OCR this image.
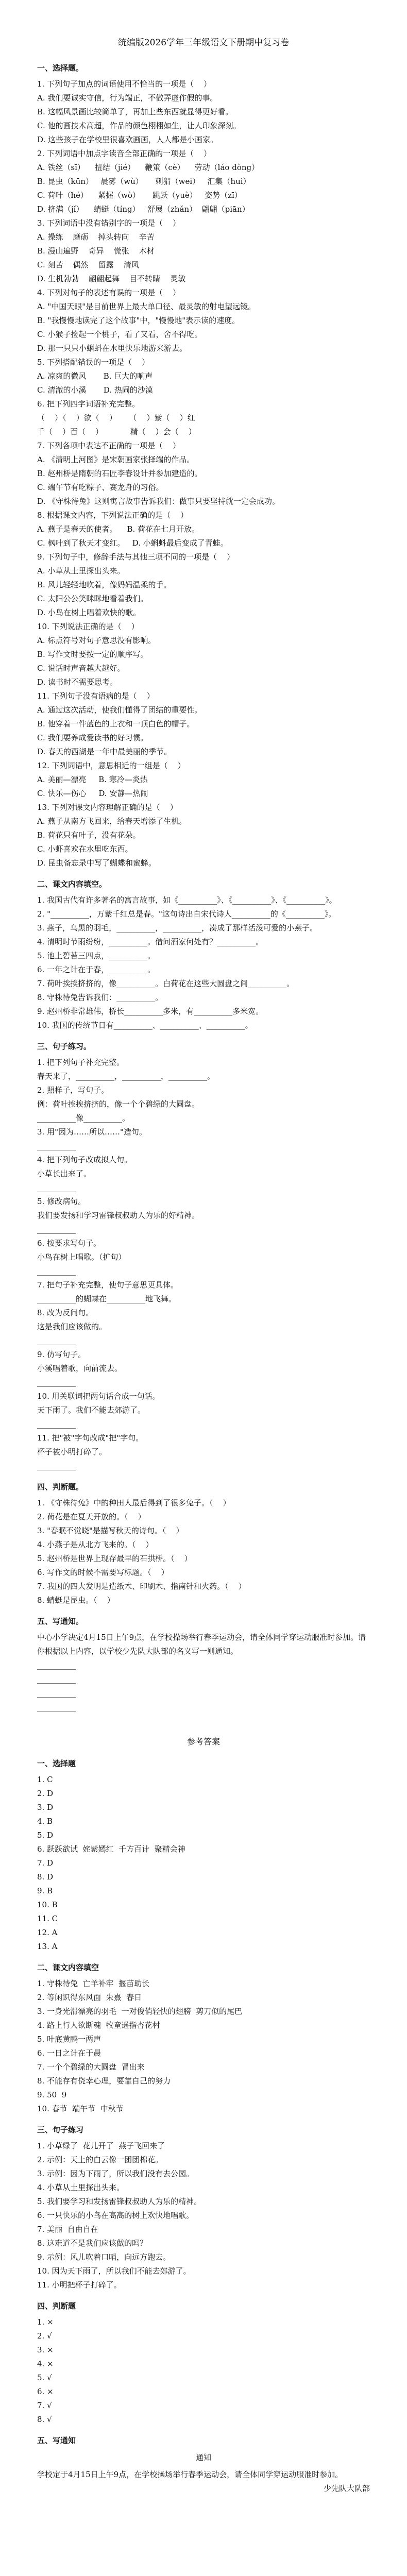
统编版2026学年三年级语文下册期中复习卷
一、选择题。
1. 下列句子加点的词语使用不恰当的一项是（    ）
A. 我们要诚实守信，行为端正，不做弄虚作假的事。
B. 这幅风景画比较简单了，再加上些东西就显得更好看。
C. 他的画技术高超，作品的颜色栩栩如生，让人印象深刻。
D. 这些孩子在学校里很喜欢画画，人人都是小画家。
2. 下列词语中加点字读音全部正确的一项是（    ）
A. 铁丝（sī）    扭结（jié）    鞭策（cè）    劳动（láo dòng）
B. 昆虫（kūn）   晨雾（wù）     刺猬（wei）   汇集（huì）
C. 荷叶（hé）    紧握（wò）     跳跃（yuè）   姿势（zī）
D. 挤满（jǐ）    蜻蜓（tíng）   舒展（zhǎn）  翩翩（piān）
3. 下列词语中没有错别字的一项是（    ）
A. 操练    磨砺    掉头转向    辛苦
B. 漫山遍野    奇异    慌张    木材
C. 刻苦    偶然    留露    清风
D. 生机勃勃    翩翩起舞    目不转睛    灵敏
4. 下列对句子的表述有误的一项是（    ）
A. "中国天眼"是目前世界上最大单口径、最灵敏的射电望远镜。
B. "我慢慢地读完了这个故事"中，"慢慢地"表示读的速度。
C. 小猴子捡起一个桃子，看了又看，舍不得吃。
D. 那一只只小蝌蚪在水里快乐地游来游去。
5. 下列搭配错误的一项是（    ）
A. 凉爽的微风       B. 巨大的响声
C. 清澈的小溪       D. 热闹的沙漠
6. 把下列四字词语补充完整。
（    ）（    ）欲（    ）     （    ）紫（    ）红
千（    ）百（    ）           精（    ）会（    ）
7. 下列各项中表达不正确的一项是（    ）
A. 《清明上河图》是宋朝画家张择端的作品。
B. 赵州桥是隋朝的石匠李春设计并参加建造的。
C. 端午节有吃粽子、赛龙舟的习俗。
D. 《守株待兔》这则寓言故事告诉我们：做事只要坚持就一定会成功。
8. 根据课文内容，下列说法正确的是（    ）
A. 燕子是春天的使者。    B. 荷花在七月开放。
C. 枫叶到了秋天才变红。   D. 小蝌蚪最后变成了青蛙。
9. 下列句子中，修辞手法与其他三项不同的一项是（    ）
A. 小草从土里探出头来。
B. 风儿轻轻地吹着，像妈妈温柔的手。
C. 太阳公公笑眯眯地看着我们。
D. 小鸟在树上唱着欢快的歌。
10. 下列说法正确的是（    ）
A. 标点符号对句子意思没有影响。
B. 写作文时要按一定的顺序写。
C. 说话时声音越大越好。
D. 读书时不需要思考。
11. 下列句子没有语病的是（    ）
A. 通过这次活动，使我们懂得了团结的重要性。
B. 他穿着一件蓝色的上衣和一顶白色的帽子。
C. 我们要养成爱读书的好习惯。
D. 春天的西湖是一年中最美丽的季节。
12. 下列词语中，意思相近的一组是（    ）
A. 美丽—漂亮     B. 寒冷—炎热
C. 快乐—伤心     D. 安静—热闹
13. 下列对课文内容理解正确的是（    ）
A. 燕子从南方飞回来，给春天增添了生机。
B. 荷花只有叶子，没有花朵。
C. 小虾喜欢在水里吃东西。
D. 昆虫备忘录中写了蝴蝶和蜜蜂。
二、课文内容填空。
1. 我国古代有许多著名的寓言故事，如《__________》、《__________》、《__________》。
2. "__________，万紫千红总是春。"这句诗出自宋代诗人__________的《__________》。
3. 燕子，乌黑的羽毛，__________，__________，凑成了那样活泼可爱的小燕子。
4. 清明时节雨纷纷，__________。借问酒家何处有？__________。
5. 池上碧苔三四点，__________。
6. 一年之计在于春，__________。
7. 荷叶挨挨挤挤的，像__________。白荷花在这些大圆盘之间__________。
8. 守株待兔告诉我们：__________。
9. 赵州桥非常雄伟，桥长__________多米，有__________多米宽。
10. 我国的传统节日有__________、__________、__________。
三、句子练习。
1. 把下列句子补充完整。
春天来了，__________，__________，__________。
2. 照样子，写句子。
例：荷叶挨挨挤挤的，像一个个碧绿的大圆盘。
__________像__________。
3. 用"因为……所以……"造句。
__________
4. 把下列句子改成拟人句。
小草长出来了。
__________
5. 修改病句。
我们要发扬和学习雷锋叔叔助人为乐的好精神。
__________
6. 按要求写句子。
小鸟在树上唱歌。（扩句）
__________
7. 把句子补充完整，使句子意思更具体。
__________的蝴蝶在__________地飞舞。
8. 改为反问句。
这是我们应该做的。
__________
9. 仿写句子。
小溪唱着歌，向前流去。
__________
10. 用关联词把两句话合成一句话。
天下雨了。我们不能去郊游了。
__________
11. 把"被"字句改成"把"字句。
杯子被小明打碎了。
__________
四、判断题。
1. 《守株待兔》中的种田人最后得到了很多兔子。（    ）
2. 荷花是在夏天开放的。（    ）
3. "春眠不觉晓"是描写秋天的诗句。（    ）
4. 小燕子是从北方飞来的。（    ）
5. 赵州桥是世界上现存最早的石拱桥。（    ）
6. 写作文的时候不需要写标题。（    ）
7. 我国的四大发明是造纸术、印刷术、指南针和火药。（    ）
8. 蜻蜓是昆虫。（    ）
五、写通知。
中心小学决定4月15日上午9点，在学校操场举行春季运动会，请全体同学穿运动服准时参加。请你根据以上内容，以学校少先队大队部的名义写一则通知。
__________
__________
__________
__________
参考答案
一、选择题
1. C
2. D
3. D
4. B
5. D
6. 跃跃欲试  姹紫嫣红  千方百计  聚精会神
7. D
8. D
9. B
10. B
11. C
12. A
13. A
二、课文内容填空
1. 守株待兔  亡羊补牢  揠苗助长
2. 等闲识得东风面  朱熹  春日
3. 一身光滑漂亮的羽毛  一对俊俏轻快的翅膀  剪刀似的尾巴
4. 路上行人欲断魂  牧童遥指杏花村
5. 叶底黄鹂一两声
6. 一日之计在于晨
7. 一个个碧绿的大圆盘  冒出来
8. 不能存有侥幸心理，要靠自己的努力
9. 50  9
10. 春节  端午节  中秋节
三、句子练习
1. 小草绿了  花儿开了  燕子飞回来了
2. 示例：天上的白云像一团团棉花。
3. 示例：因为下雨了，所以我们没有去公园。
4. 小草从土里探出头来。
5. 我们要学习和发扬雷锋叔叔助人为乐的精神。
6. 一只快乐的小鸟在高高的树上欢快地唱歌。
7. 美丽  自由自在
8. 这难道不是我们应该做的吗？
9. 示例：风儿吹着口哨，向远方跑去。
10. 因为天下雨了，所以我们不能去郊游了。
11. 小明把杯子打碎了。
四、判断题
1. ×
2. √
3. ×
4. ×
5. √
6. ×
7. √
8. √
五、写通知
通知
学校定于4月15日上午9点，在学校操场举行春季运动会，请全体同学穿运动服准时参加。
少先队大队部
